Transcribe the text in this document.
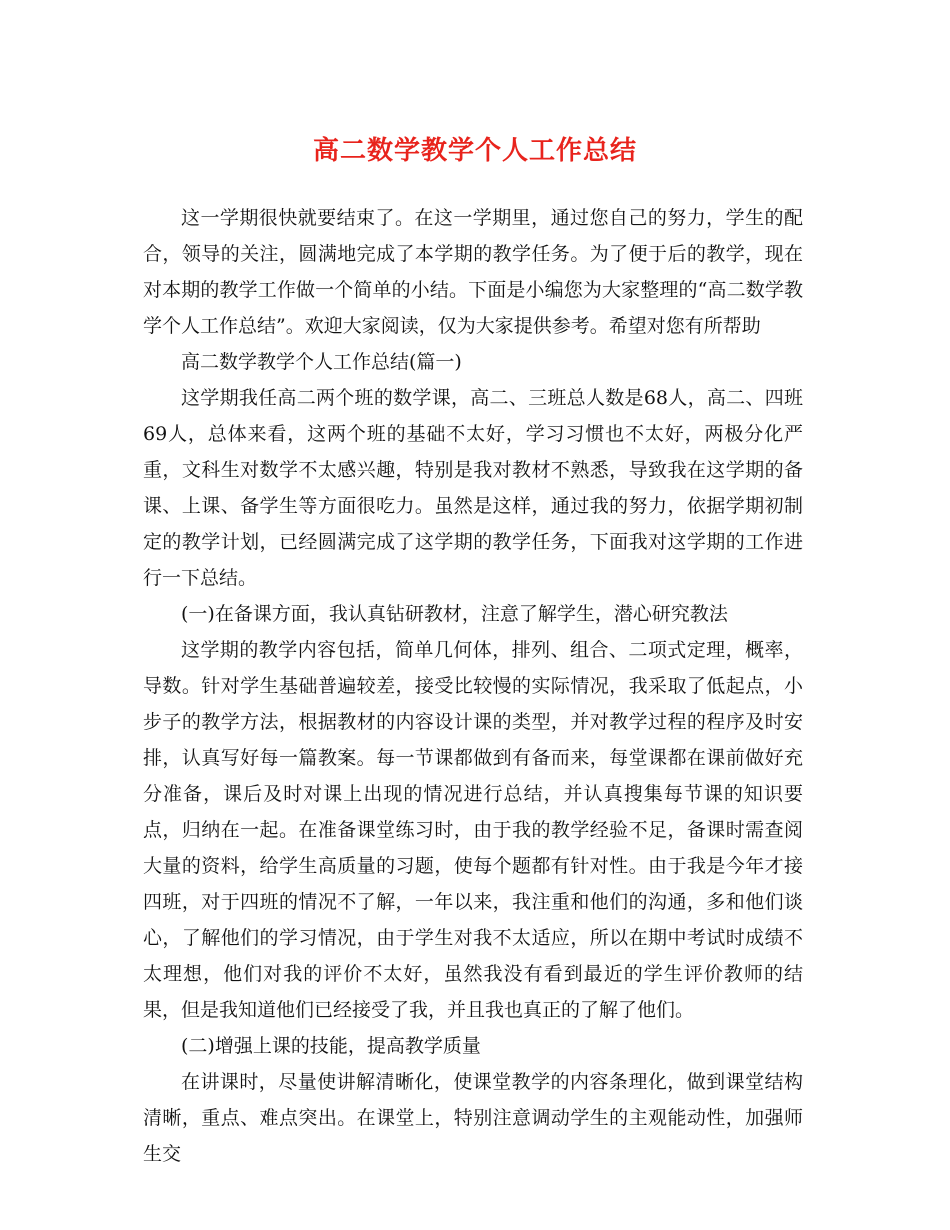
高二数学教学个人工作总结

这一学期很快就要结束了。在这一学期里，通过您自己的努力，学生的配合，领导的关注，圆满地完成了本学期的教学任务。为了便于后的教学，现在对本期的教学工作做一个简单的小结。下面是小编您为大家整理的“高二数学教学个人工作总结”。欢迎大家阅读，仅为大家提供参考。希望对您有所帮助

高二数学教学个人工作总结(篇一)

这学期我任高二两个班的数学课，高二、三班总人数是68人，高二、四班69人，总体来看，这两个班的基础不太好，学习习惯也不太好，两极分化严重，文科生对数学不太感兴趣，特别是我对教材不熟悉，导致我在这学期的备课、上课、备学生等方面很吃力。虽然是这样，通过我的努力，依据学期初制定的教学计划，已经圆满完成了这学期的教学任务，下面我对这学期的工作进行一下总结。

(一)在备课方面，我认真钻研教材，注意了解学生，潜心研究教法

这学期的教学内容包括，简单几何体，排列、组合、二项式定理，概率，导数。针对学生基础普遍较差，接受比较慢的实际情况，我采取了低起点，小步子的教学方法，根据教材的内容设计课的类型，并对教学过程的程序及时安排，认真写好每一篇教案。每一节课都做到有备而来，每堂课都在课前做好充分准备，课后及时对课上出现的情况进行总结，并认真搜集每节课的知识要点，归纳在一起。在准备课堂练习时，由于我的教学经验不足，备课时需查阅大量的资料，给学生高质量的习题，使每个题都有针对性。由于我是今年才接四班，对于四班的情况不了解，一年以来，我注重和他们的沟通，多和他们谈心，了解他们的学习情况，由于学生对我不太适应，所以在期中考试时成绩不太理想，他们对我的评价不太好，虽然我没有看到最近的学生评价教师的结果，但是我知道他们已经接受了我，并且我也真正的了解了他们。

(二)增强上课的技能，提高教学质量

在讲课时，尽量使讲解清晰化，使课堂教学的内容条理化，做到课堂结构清晰，重点、难点突出。在课堂上，特别注意调动学生的主观能动性，加强师生交
